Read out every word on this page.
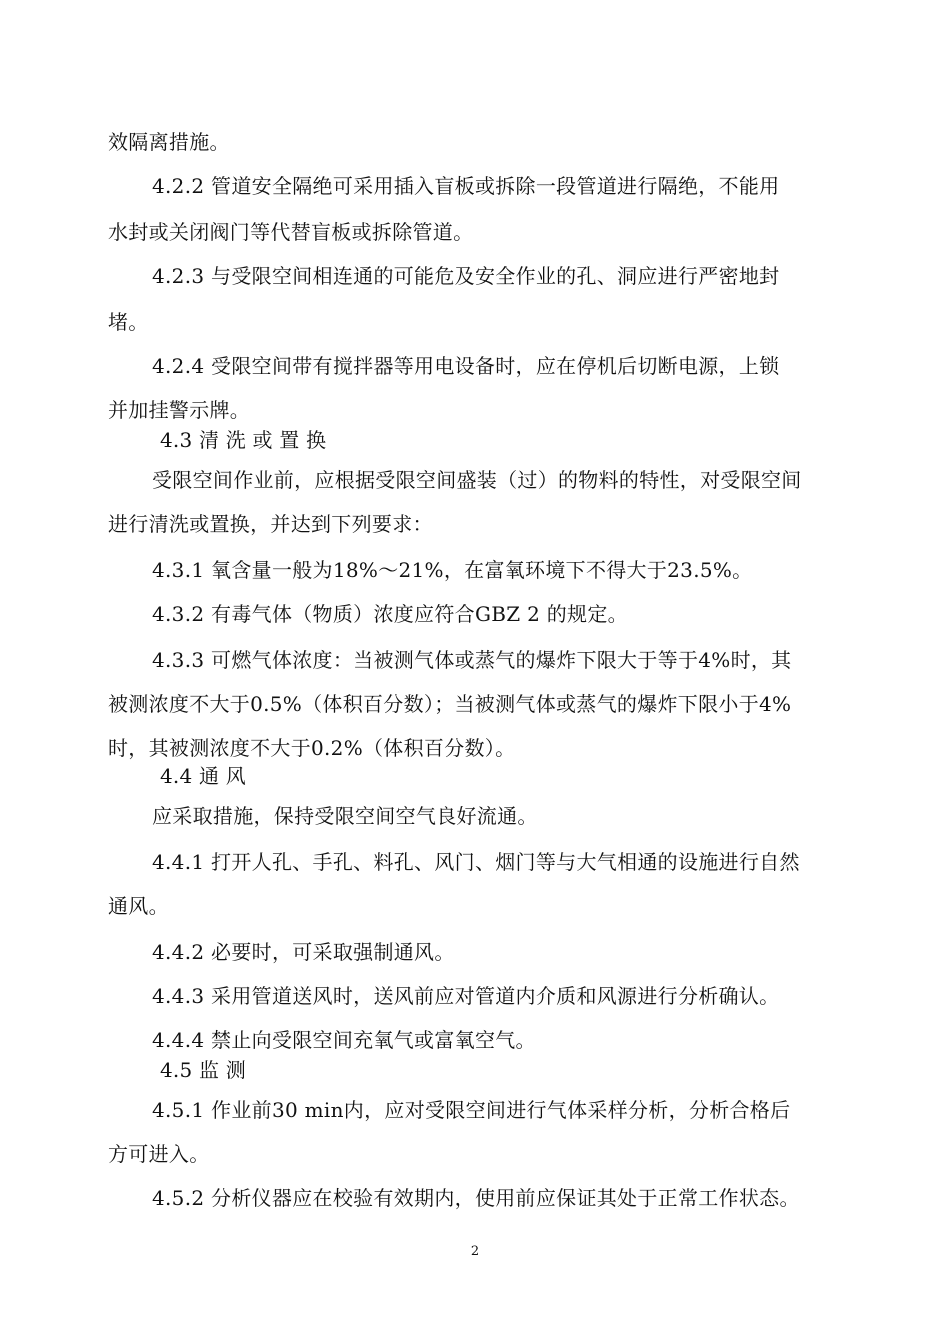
效隔离措施。
4.2.2 管道安全隔绝可采用插入盲板或拆除一段管道进行隔绝，不能用
水封或关闭阀门等代替盲板或拆除管道。
4.2.3 与受限空间相连通的可能危及安全作业的孔、洞应进行严密地封
堵。
4.2.4 受限空间带有搅拌器等用电设备时，应在停机后切断电源，上锁
并加挂警示牌。
4.3 清 洗 或 置 换
受限空间作业前，应根据受限空间盛装（过）的物料的特性，对受限空间
进行清洗或置换，并达到下列要求：
4.3.1 氧含量一般为18%～21%，在富氧环境下不得大于23.5%。
4.3.2 有毒气体（物质）浓度应符合GBZ 2 的规定。
4.3.3 可燃气体浓度：当被测气体或蒸气的爆炸下限大于等于4%时，其
被测浓度不大于0.5%（体积百分数）；当被测气体或蒸气的爆炸下限小于4%
时，其被测浓度不大于0.2%（体积百分数）。
4.4 通 风
应采取措施，保持受限空间空气良好流通。
4.4.1 打开人孔、手孔、料孔、风门、烟门等与大气相通的设施进行自然
通风。
4.4.2 必要时，可采取强制通风。
4.4.3 采用管道送风时，送风前应对管道内介质和风源进行分析确认。
4.4.4 禁止向受限空间充氧气或富氧空气。
4.5 监 测
4.5.1 作业前30 min内，应对受限空间进行气体采样分析，分析合格后
方可进入。
4.5.2 分析仪器应在校验有效期内，使用前应保证其处于正常工作状态。
2
